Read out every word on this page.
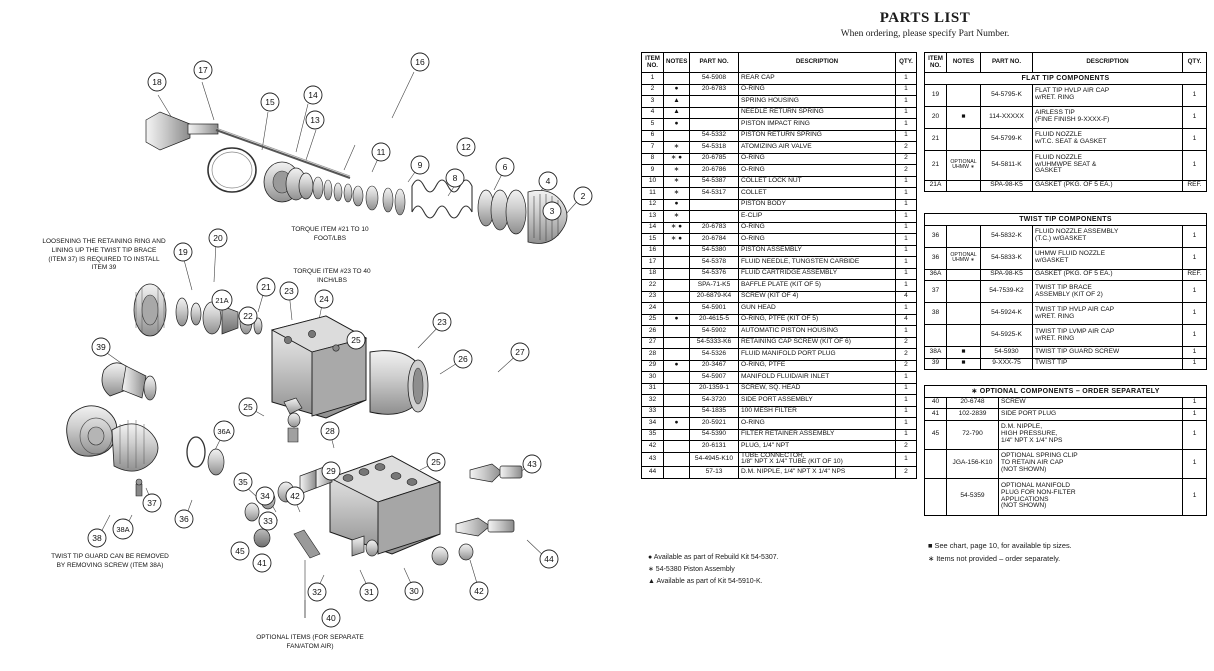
18
17
16
15
14
13
11
9
8
6
4
2
12
3
19
20
21A
21
22
23
24
25
23
26
27
25
28
29
39
36A
35
33
42
34
36
37
38
38A
32	31	30	42
44
43
25
45
41
40
LOOSENING THE RETAINING RING AND LINING UP THE TWIST TIP BRACE (ITEM 37) IS REQUIRED TO INSTALL ITEM 39
TORQUE ITEM #21 TO 10 FOOT/LBS
TORQUE ITEM #23 TO 40 INCH/LBS
TWIST TIP GUARD CAN BE REMOVED BY REMOVING SCREW (ITEM 38A)
OPTIONAL ITEMS (FOR SEPARATE FAN/ATOM AIR)
PARTS LIST
When ordering, please specify Part Number.
ITEM
NO.	NOTES	PART NO.	DESCRIPTION	QTY.
1		54-5908	REAR CAP	1
2	●	20-6783	O-RING	1
3	▲		SPRING HOUSING	1
4	▲		NEEDLE RETURN SPRING	1
5	●		PISTON IMPACT RING	1
6		54-5332	PISTON RETURN SPRING	1
7	∗	54-5318	ATOMIZING AIR VALVE	2
8	∗ ●	20-6785	O-RING	2
9	∗	20-6786	O-RING	2
10	∗	54-5387	COLLET LOCK NUT	1
11	∗	54-5317	COLLET	1
12	●		PISTON BODY	1
13	∗		E-CLIP	1
14	∗ ●	20-6783	O-RING	1
15	∗ ●	20-6784	O-RING	1
16		54-5380	PISTON ASSEMBLY	1
17		54-5378	FLUID NEEDLE, TUNGSTEN CARBIDE	1
18		54-5376	FLUID CARTRIDGE ASSEMBLY	1
22		SPA-71-K5	BAFFLE PLATE (KIT OF 5)	1
23		20-6879-K4	SCREW (KIT OF 4)	4
24		54-5901	GUN HEAD	1
25	●	20-4615-5	O-RING, PTFE (KIT OF 5)	4
26		54-5902	AUTOMATIC PISTON HOUSING	1
27		54-5333-K6	RETAINING CAP SCREW (KIT OF 6)	2
28		54-5326	FLUID MANIFOLD PORT PLUG	2
29	●	20-3467	O-RING, PTFE	2
30		54-5907	MANIFOLD FLUID/AIR INLET	1
31		20-1359-1	SCREW, SQ. HEAD	1
32		54-3720	SIDE PORT ASSEMBLY	1
33		54-1835	100 MESH FILTER	1
34	●	20-5921	O-RING	1
35		54-5390	FILTER RETAINER ASSEMBLY	1
42		20-6131	PLUG, 1/4" NPT	2
43		54-4945-K10	TUBE CONNECTOR,
1/8" NPT X 1/4" TUBE (KIT OF 10)	1
44		57-13	D.M. NIPPLE, 1/4" NPT X 1/4" NPS	2
ITEM
NO.	NOTES	PART NO.	DESCRIPTION	QTY.
FLAT TIP COMPONENTS				
19		54-5795-K	FLAT TIP HVLP AIR CAP
w/RET. RING	1
20	■	114-XXXXX	AIRLESS TIP
(FINE FINISH 9-XXXX-F)	1
21		54-5799-K	FLUID NOZZLE
w/T.C. SEAT & GASKET	1
21	OPTIONAL UHMW ∗	54-5811-K	FLUID NOZZLE
w/UHMWPE SEAT &
GASKET	1
21A		SPA-98-K5	GASKET (PKG. OF 5 EA.)	REF.
TWIST TIP COMPONENTS				
36		54-5832-K	FLUID NOZZLE ASSEMBLY
(T.C.) w/GASKET	1
36	OPTIONAL UHMW ∗	54-5833-K	UHMW FLUID NOZZLE
w/GASKET	1
36A		SPA-98-K5	GASKET (PKG. OF 5 EA.)	REF.
37		54-7539-K2	TWIST TIP BRACE
ASSEMBLY (KIT OF 2)	1
38		54-5924-K	TWIST TIP HVLP AIR CAP
w/RET. RING	1
		54-5925-K	TWIST TIP LVMP AIR CAP
w/RET. RING	1
38A	■	54-5930	TWIST TIP GUARD SCREW	1
39	■	9-XXX-75	TWIST TIP	1
∗ OPTIONAL COMPONENTS – ORDER SEPARATELY			
40	20-6748	SCREW	1
41	102-2839	SIDE PORT PLUG	1
45	72-790	D.M. NIPPLE,
HIGH PRESSURE,
1/4" NPT X 1/4" NPS	1
	JGA-156-K10	OPTIONAL SPRING CLIP
TO RETAIN AIR CAP
(NOT SHOWN)	1
	54-5359	OPTIONAL MANIFOLD
PLUG FOR NON-FILTER
APPLICATIONS
(NOT SHOWN)	1
● Available as part of Rebuild Kit 54-5307.
∗ 54-5380 Piston Assembly
▲ Available as part of Kit 54-5910-K.
■ See chart, page 10, for available tip sizes.
∗ Items not provided – order separately.
